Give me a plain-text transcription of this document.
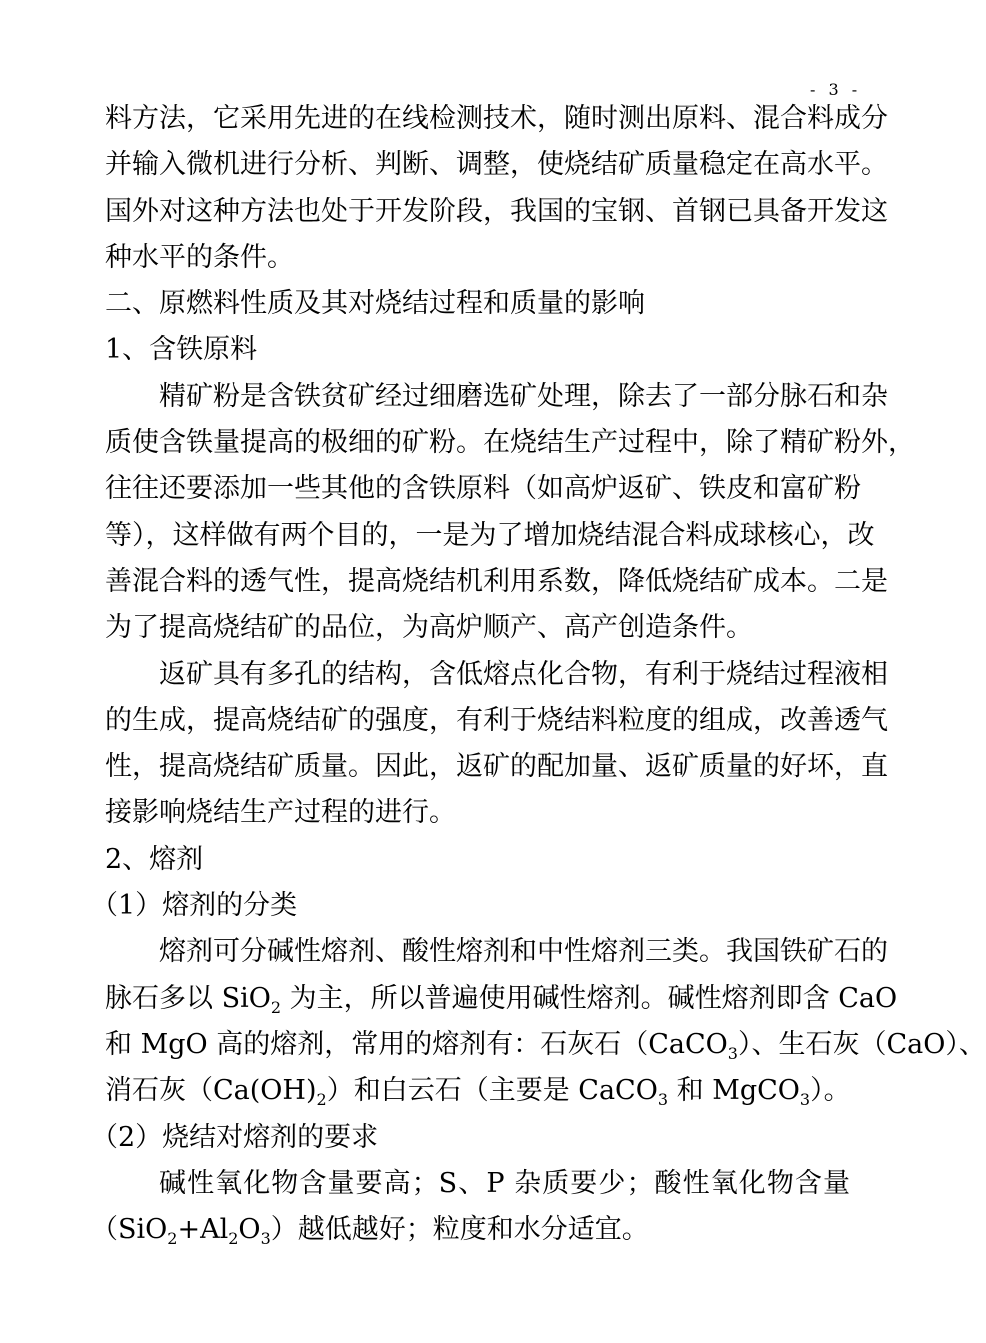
- 3 -
料方法，它采用先进的在线检测技术，随时测出原料、混合料成分
并输入微机进行分析、判断、调整，使烧结矿质量稳定在高水平。
国外对这种方法也处于开发阶段，我国的宝钢、首钢已具备开发这
种水平的条件。
二、原燃料性质及其对烧结过程和质量的影响
1、含铁原料
精矿粉是含铁贫矿经过细磨选矿处理，除去了一部分脉石和杂
质使含铁量提高的极细的矿粉。在烧结生产过程中，除了精矿粉外，
往往还要添加一些其他的含铁原料（如高炉返矿、铁皮和富矿粉
等），这样做有两个目的，一是为了增加烧结混合料成球核心，改
善混合料的透气性，提高烧结机利用系数，降低烧结矿成本。二是
为了提高烧结矿的品位，为高炉顺产、高产创造条件。
返矿具有多孔的结构，含低熔点化合物，有利于烧结过程液相
的生成，提高烧结矿的强度，有利于烧结料粒度的组成，改善透气
性，提高烧结矿质量。因此，返矿的配加量、返矿质量的好坏，直
接影响烧结生产过程的进行。
2、熔剂
（1）熔剂的分类
熔剂可分碱性熔剂、酸性熔剂和中性熔剂三类。我国铁矿石的
脉石多以 SiO$_2$ 为主，所以普遍使用碱性熔剂。碱性熔剂即含 CaO
和 MgO 高的熔剂，常用的熔剂有：石灰石（CaCO$_3$）、生石灰（CaO）、
消石灰$(Ca(OH)_2)$和白云石（主要是 CaCO$_3$ 和 MgCO$_3$）。
（2）烧结对熔剂的要求
碱性氧化物含量要高；S、P 杂质要少；酸性氧化物含量
$(SiO_2+Al_2O_3)$越低越好；粒度和水分适宜。
